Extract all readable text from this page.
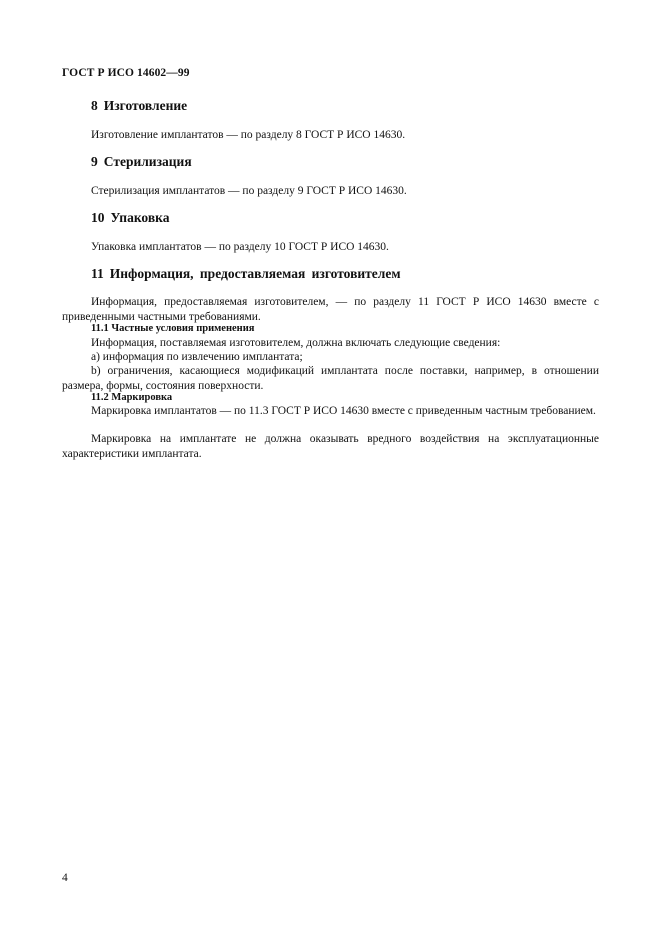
ГОСТ Р ИСО 14602—99
8 Изготовление
Изготовление имплантатов — по разделу 8 ГОСТ Р ИСО 14630.
9 Стерилизация
Стерилизация имплантатов — по разделу 9 ГОСТ Р ИСО 14630.
10 Упаковка
Упаковка имплантатов — по разделу 10 ГОСТ Р ИСО 14630.
11 Информация, предоставляемая изготовителем
Информация, предоставляемая изготовителем, — по разделу 11 ГОСТ Р ИСО 14630 вместе с приведенными частными требованиями.
11.1 Частные условия применения
Информация, поставляемая изготовителем, должна включать следующие сведения:
а) информация по извлечению имплантата;
b) ограничения, касающиеся модификаций имплантата после поставки, например, в отношении размера, формы, состояния поверхности.
11.2 Маркировка
Маркировка имплантатов — по 11.3 ГОСТ Р ИСО 14630 вместе с приведенным частным требованием.
Маркировка на имплантате не должна оказывать вредного воздействия на эксплуатационные характеристики имплантата.
4
